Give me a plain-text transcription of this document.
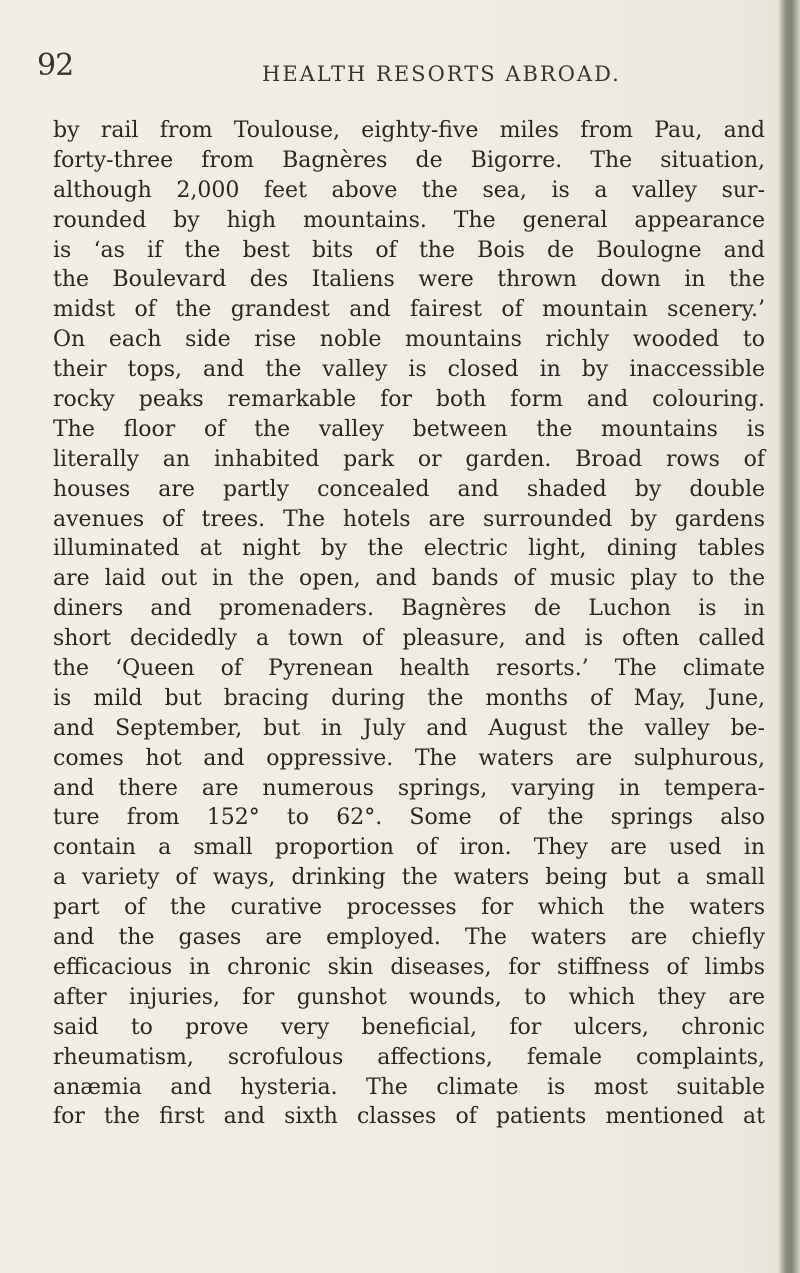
92	HEALTH RESORTS ABROAD.
by rail from Toulouse, eighty-five miles from Pau, and
forty-three from Bagnères de Bigorre. The situation,
although 2,000 feet above the sea, is a valley sur-
rounded by high mountains. The general appearance
is ‘as if the best bits of the Bois de Boulogne and
the Boulevard des Italiens were thrown down in the
midst of the grandest and fairest of mountain scenery.’
On each side rise noble mountains richly wooded to
their tops, and the valley is closed in by inaccessible
rocky peaks remarkable for both form and colouring.
The floor of the valley between the mountains is
literally an inhabited park or garden. Broad rows of
houses are partly concealed and shaded by double
avenues of trees. The hotels are surrounded by gardens
illuminated at night by the electric light, dining tables
are laid out in the open, and bands of music play to the
diners and promenaders. Bagnères de Luchon is in
short decidedly a town of pleasure, and is often called
the ‘Queen of Pyrenean health resorts.’ The climate
is mild but bracing during the months of May, June,
and September, but in July and August the valley be-
comes hot and oppressive. The waters are sulphurous,
and there are numerous springs, varying in tempera-
ture from 152° to 62°. Some of the springs also
contain a small proportion of iron. They are used in
a variety of ways, drinking the waters being but a small
part of the curative processes for which the waters
and the gases are employed. The waters are chiefly
efficacious in chronic skin diseases, for stiffness of limbs
after injuries, for gunshot wounds, to which they are
said to prove very beneficial, for ulcers, chronic
rheumatism, scrofulous affections, female complaints,
anæmia and hysteria. The climate is most suitable
for the first and sixth classes of patients mentioned at
